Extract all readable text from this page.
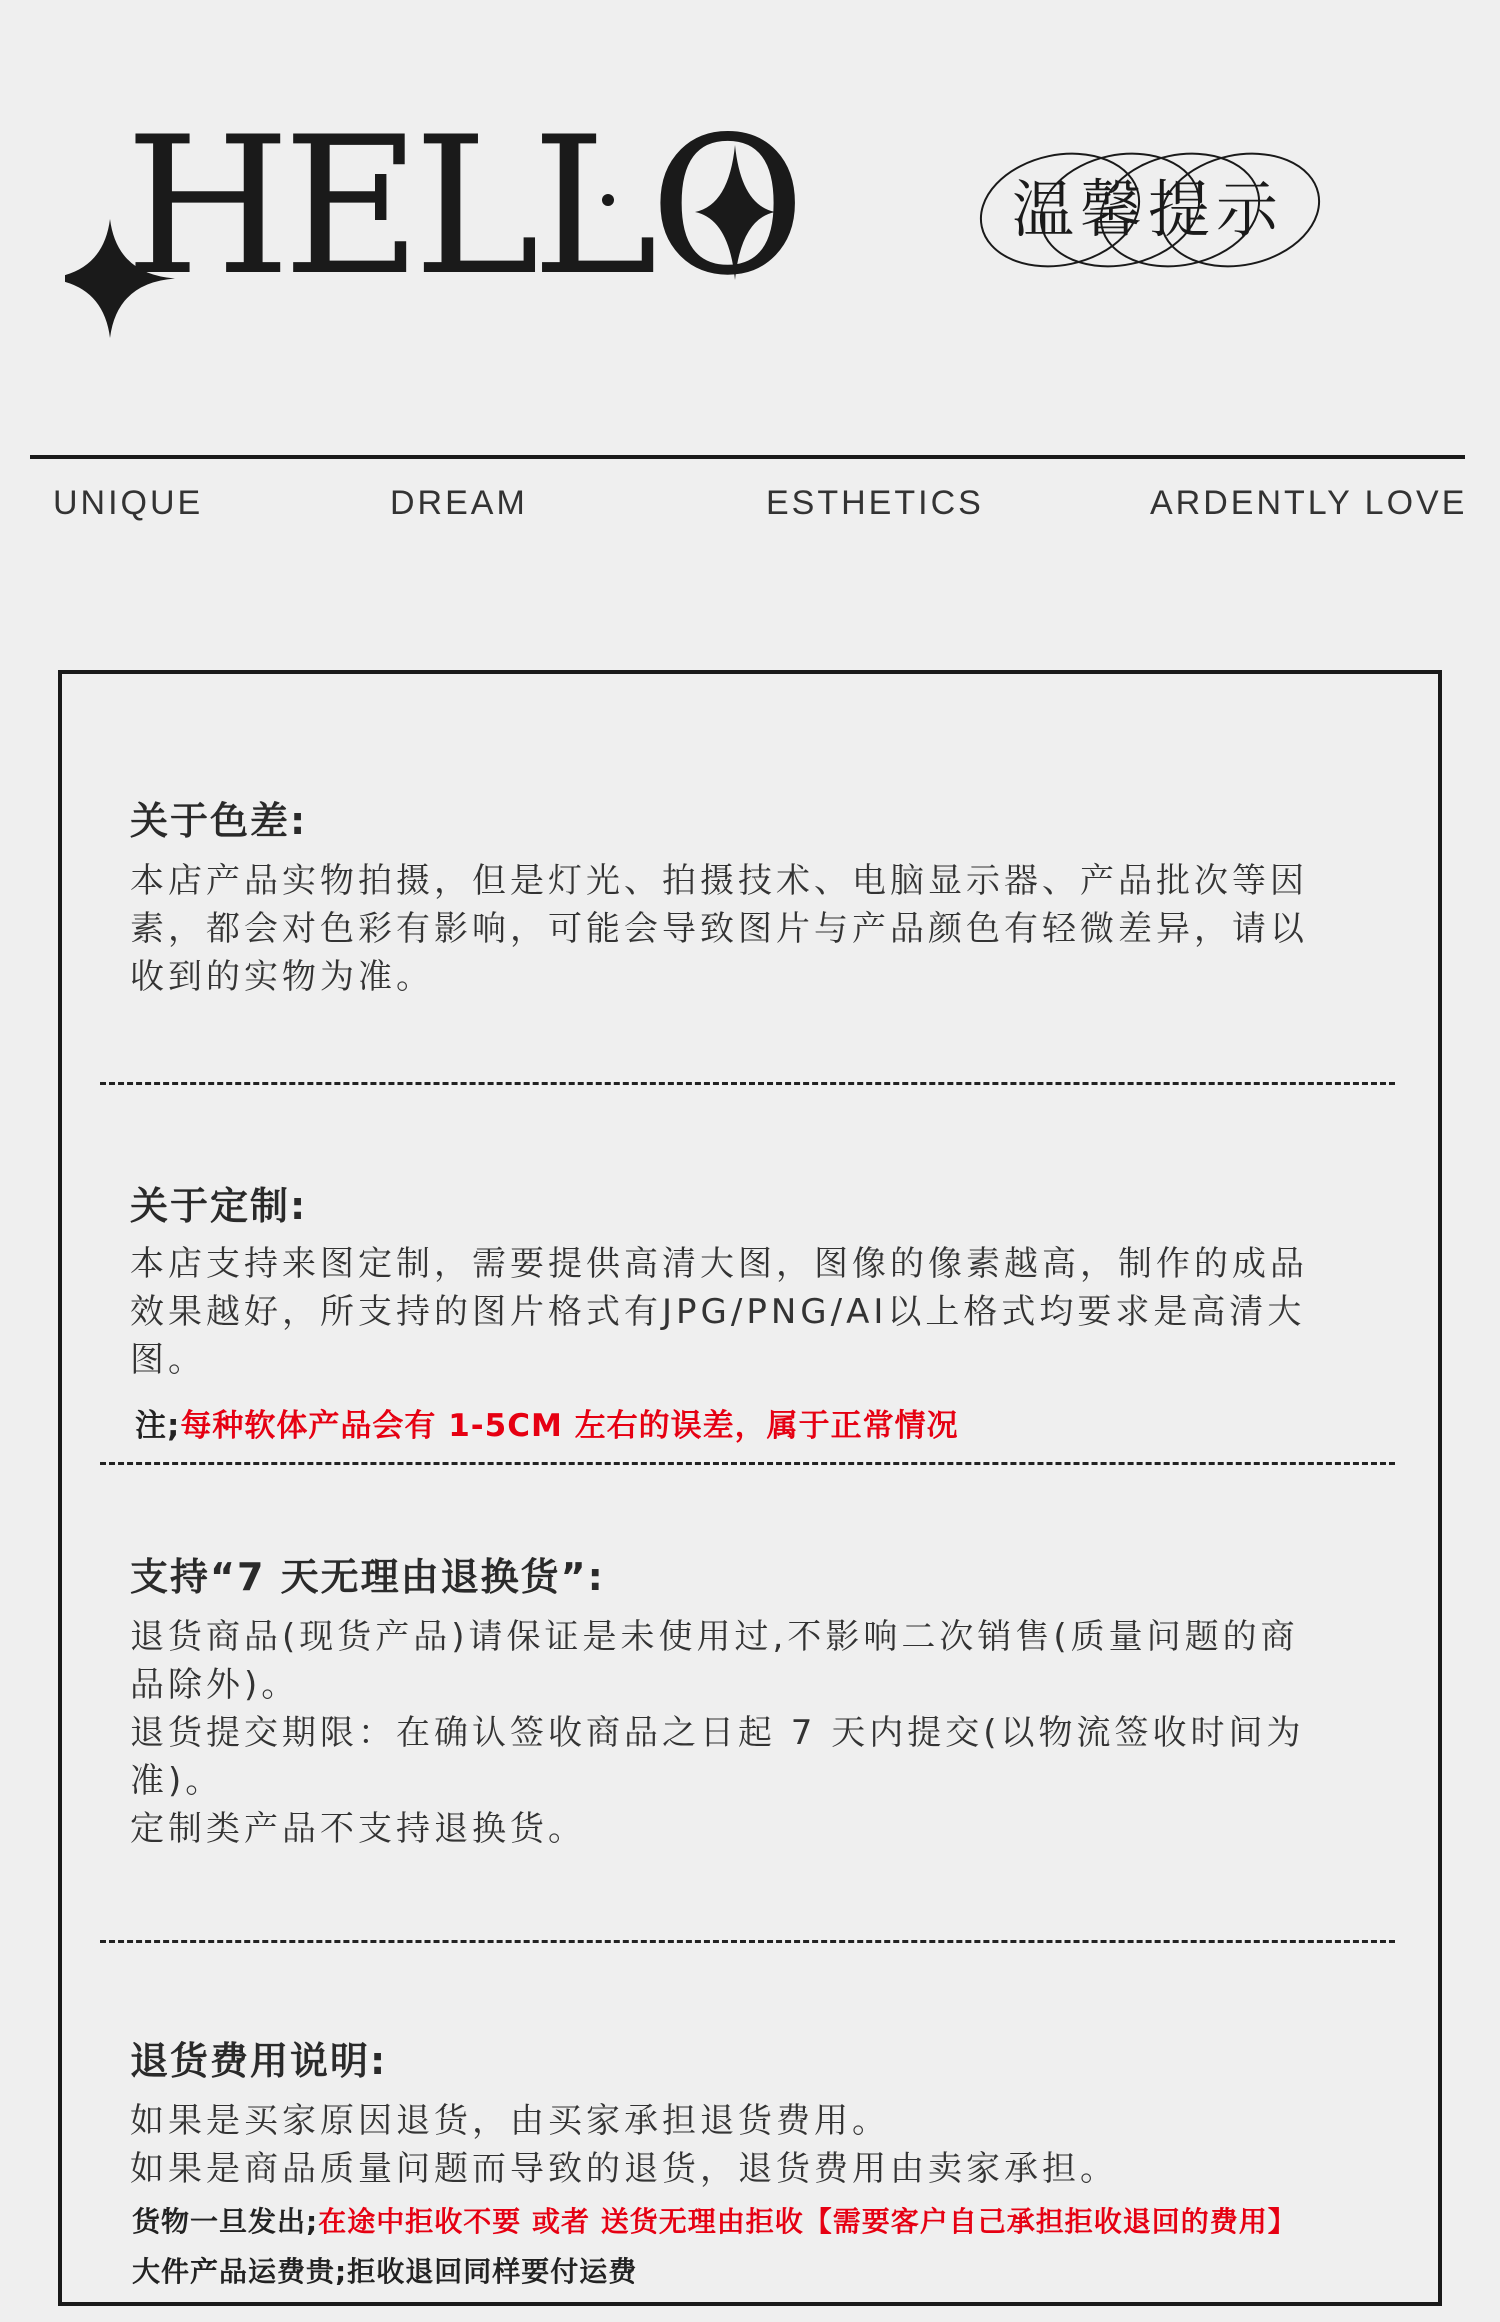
HELLO	温馨提示
UNIQUE	DREAM	ESTHETICS	ARDENTLY LOVE
关于色差:

本店产品实物拍摄，但是灯光、拍摄技术、电脑显示器、产品批次等因

素，都会对色彩有影响，可能会导致图片与产品颜色有轻微差异，请以

收到的实物为准。

关于定制:

本店支持来图定制，需要提供高清大图，图像的像素越高，制作的成品

效果越好，所支持的图片格式有JPG/PNG/AI以上格式均要求是高清大

图。

注;每种软体产品会有 1-5CM 左右的误差，属于正常情况
支持“7 天无理由退换货”:

退货商品(现货产品)请保证是未使用过,不影响二次销售(质量问题的商

品除外)。

退货提交期限：在确认签收商品之日起 7 天内提交(以物流签收时间为

准)。

定制类产品不支持退换货。

退货费用说明:

如果是买家原因退货，由买家承担退货费用。

如果是商品质量问题而导致的退货，退货费用由卖家承担。

货物一旦发出;在途中拒收不要 或者 送货无理由拒收【需要客户自己承担拒收退回的费用】
大件产品运费贵;拒收退回同样要付运费
